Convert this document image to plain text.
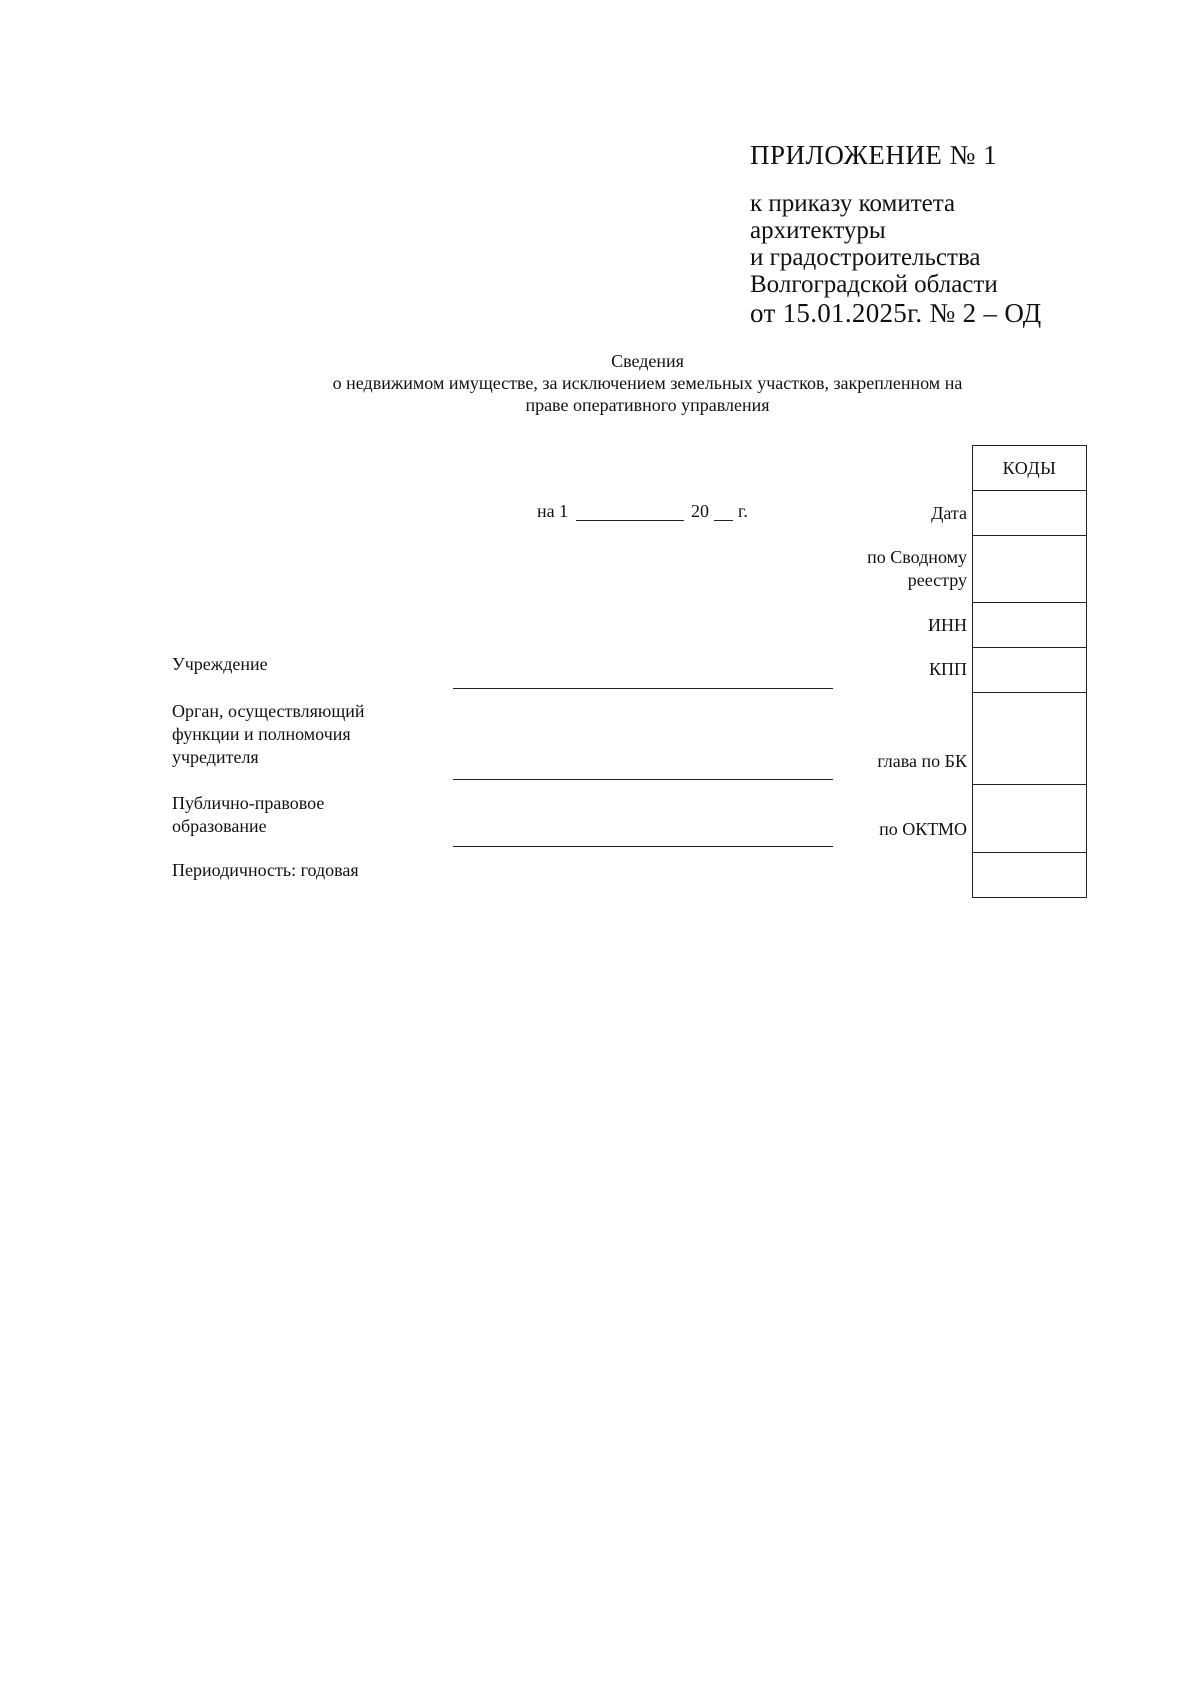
ПРИЛОЖЕНИЕ № 1
к приказу комитета
архитектуры
и градостроительства
Волгоградской области
от 15.01.2025г. № 2 – ОД
Сведения
о недвижимом имуществе, за исключением земельных участков, закрепленном на
праве оперативного управления
на 1	20 г.
Учреждение
Орган, осуществляющий
функции и полномочия
учредителя
Публично-правовое
образование
Периодичность: годовая
Дата
по Сводному
реестру
ИНН
КПП
глава по БК
по ОКТМО
КОДЫ
